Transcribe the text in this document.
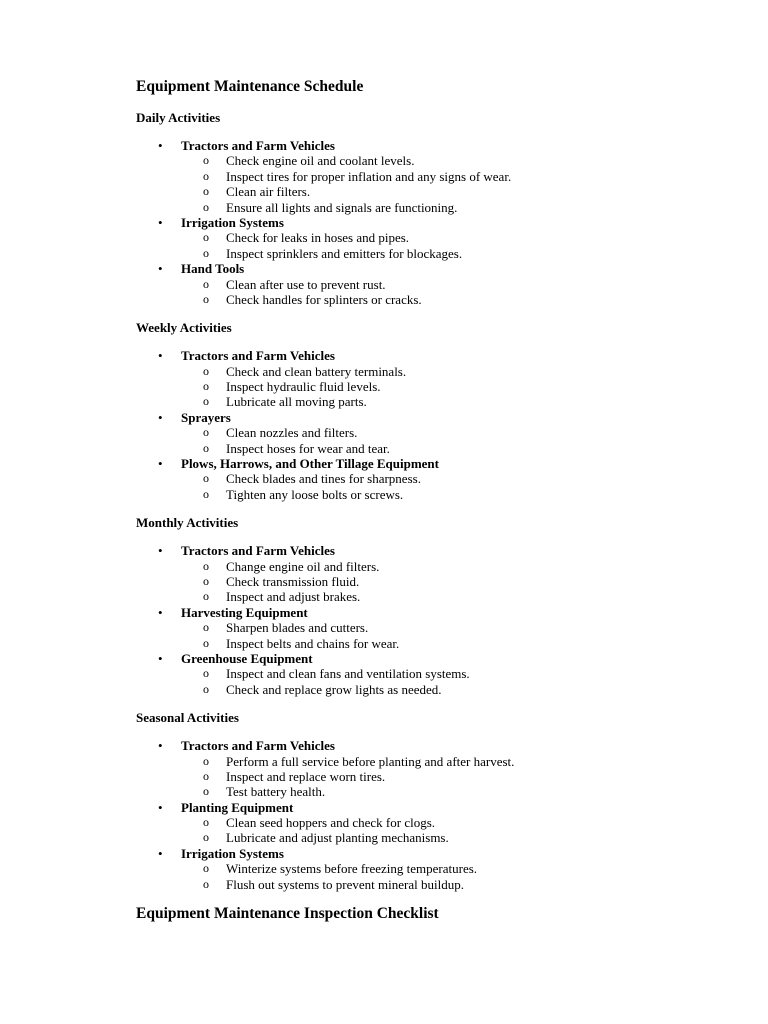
Equipment Maintenance Schedule
Daily Activities
• Tractors and Farm Vehicles
o Check engine oil and coolant levels.
o Inspect tires for proper inflation and any signs of wear.
o Clean air filters.
o Ensure all lights and signals are functioning.
• Irrigation Systems
o Check for leaks in hoses and pipes.
o Inspect sprinklers and emitters for blockages.
• Hand Tools
o Clean after use to prevent rust.
o Check handles for splinters or cracks.
Weekly Activities
• Tractors and Farm Vehicles
o Check and clean battery terminals.
o Inspect hydraulic fluid levels.
o Lubricate all moving parts.
• Sprayers
o Clean nozzles and filters.
o Inspect hoses for wear and tear.
• Plows, Harrows, and Other Tillage Equipment
o Check blades and tines for sharpness.
o Tighten any loose bolts or screws.
Monthly Activities
• Tractors and Farm Vehicles
o Change engine oil and filters.
o Check transmission fluid.
o Inspect and adjust brakes.
• Harvesting Equipment
o Sharpen blades and cutters.
o Inspect belts and chains for wear.
• Greenhouse Equipment
o Inspect and clean fans and ventilation systems.
o Check and replace grow lights as needed.
Seasonal Activities
• Tractors and Farm Vehicles
o Perform a full service before planting and after harvest.
o Inspect and replace worn tires.
o Test battery health.
• Planting Equipment
o Clean seed hoppers and check for clogs.
o Lubricate and adjust planting mechanisms.
• Irrigation Systems
o Winterize systems before freezing temperatures.
o Flush out systems to prevent mineral buildup.
Equipment Maintenance Inspection Checklist
